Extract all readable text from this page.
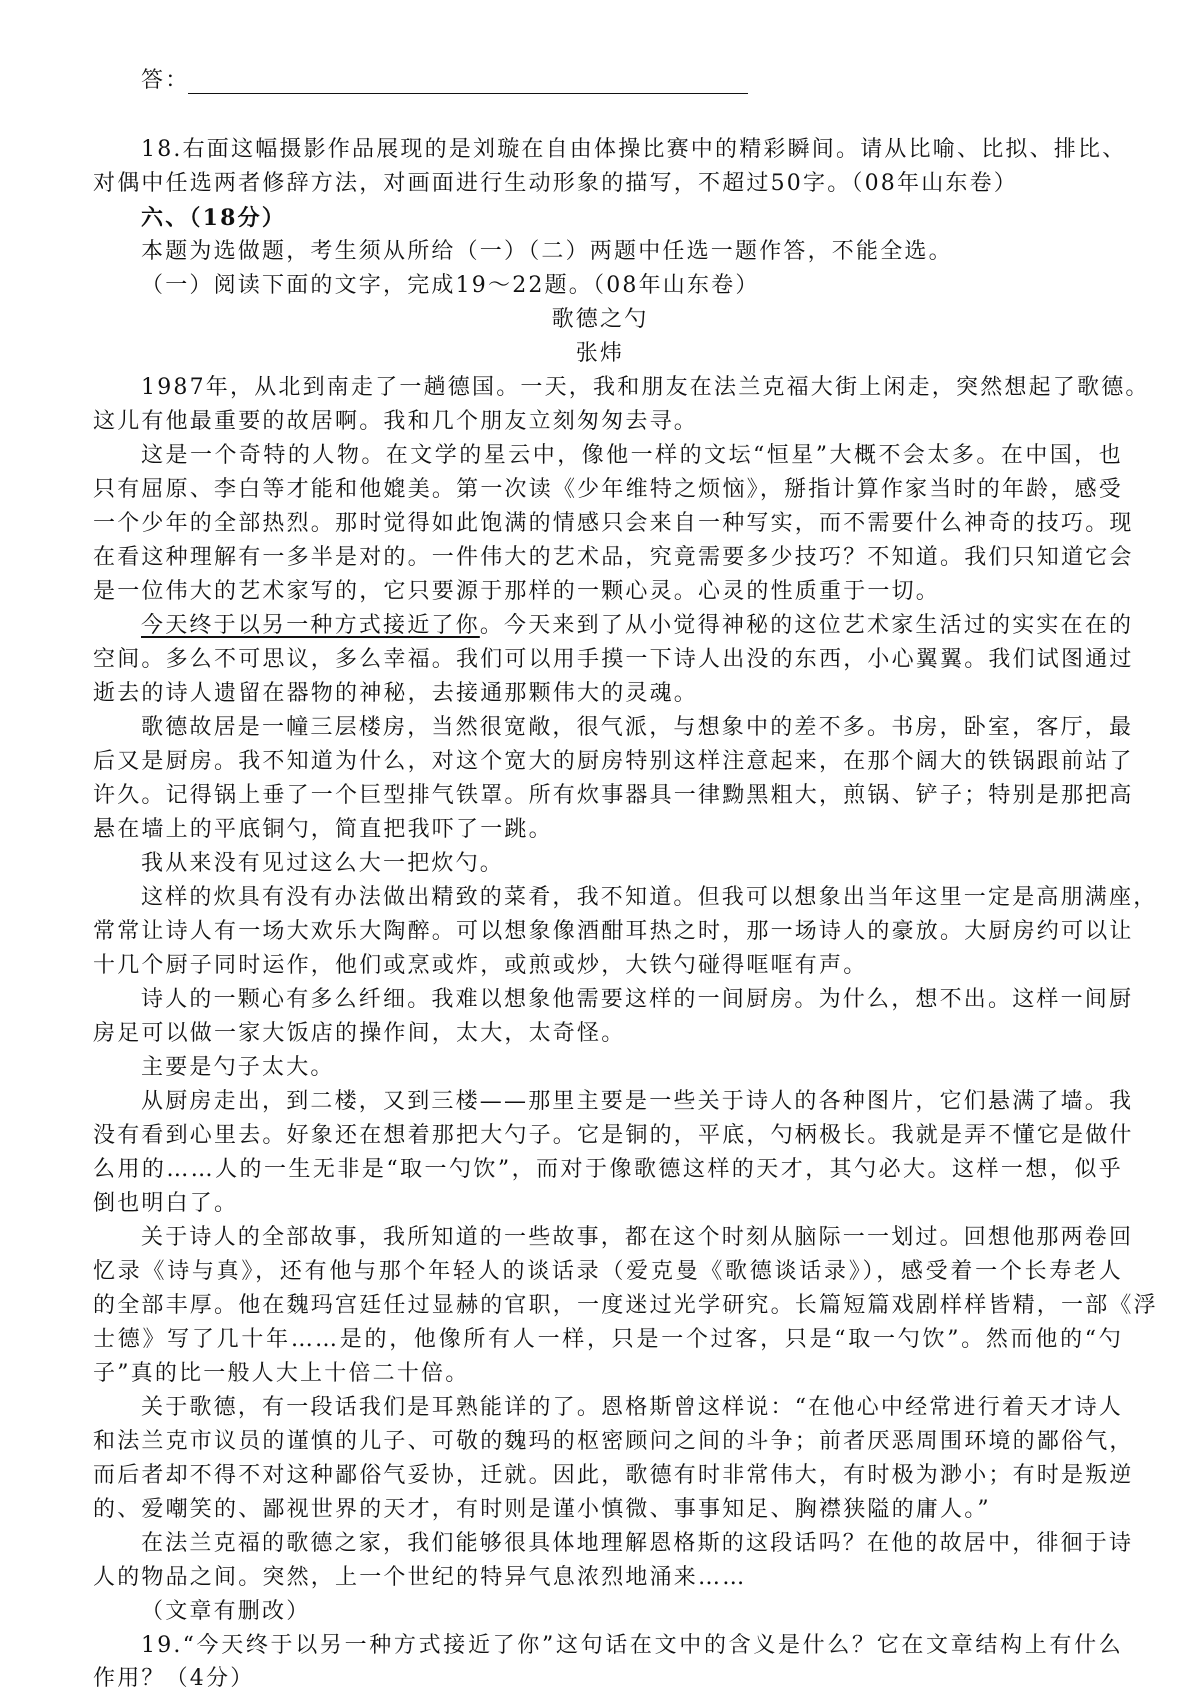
答：
18.右面这幅摄影作品展现的是刘璇在自由体操比赛中的精彩瞬间。请从比喻、比拟、排比、
对偶中任选两者修辞方法，对画面进行生动形象的描写，不超过50字。（08年山东卷）
六、（18分）
本题为选做题，考生须从所给（一）（二）两题中任选一题作答，不能全选。
（一）阅读下面的文字，完成19～22题。（08年山东卷）
歌德之勺
张炜
1987年，从北到南走了一趟德国。一天，我和朋友在法兰克福大街上闲走，突然想起了歌德。
这儿有他最重要的故居啊。我和几个朋友立刻匆匆去寻。
这是一个奇特的人物。在文学的星云中，像他一样的文坛“恒星”大概不会太多。在中国，也
只有屈原、李白等才能和他媲美。第一次读《少年维特之烦恼》，掰指计算作家当时的年龄，感受
一个少年的全部热烈。那时觉得如此饱满的情感只会来自一种写实，而不需要什么神奇的技巧。现
在看这种理解有一多半是对的。一件伟大的艺术品，究竟需要多少技巧？不知道。我们只知道它会
是一位伟大的艺术家写的，它只要源于那样的一颗心灵。心灵的性质重于一切。
今天终于以另一种方式接近了你 。今天来到了从小觉得神秘的这位艺术家生活过的实实在在的
空间。多么不可思议，多么幸福。我们可以用手摸一下诗人出没的东西，小心翼翼。我们试图通过
逝去的诗人遗留在器物的神秘，去接通那颗伟大的灵魂。
歌德故居是一幢三层楼房，当然很宽敞，很气派，与想象中的差不多。书房，卧室，客厅，最
后又是厨房。我不知道为什么，对这个宽大的厨房特别这样注意起来，在那个阔大的铁锅跟前站了
许久。记得锅上垂了一个巨型排气铁罩。所有炊事器具一律黝黑粗大，煎锅、铲子；特别是那把高
悬在墙上的平底铜勺，简直把我吓了一跳。
我从来没有见过这么大一把炊勺。
这样的炊具有没有办法做出精致的菜肴，我不知道。但我可以想象出当年这里一定是高朋满座，
常常让诗人有一场大欢乐大陶醉。可以想象像酒酣耳热之时，那一场诗人的豪放。大厨房约可以让
十几个厨子同时运作，他们或烹或炸，或煎或炒，大铁勺碰得哐哐有声。
诗人的一颗心有多么纤细。我难以想象他需要这样的一间厨房。为什么，想不出。这样一间厨
房足可以做一家大饭店的操作间，太大，太奇怪。
主要是勺子太大。
从厨房走出，到二楼，又到三楼——那里主要是一些关于诗人的各种图片，它们悬满了墙。我
没有看到心里去。好象还在想着那把大勺子。它是铜的，平底，勺柄极长。我就是弄不懂它是做什
么用的……人的一生无非是“取一勺饮”，而对于像歌德这样的天才，其勺必大。这样一想，似乎
倒也明白了。
关于诗人的全部故事，我所知道的一些故事，都在这个时刻从脑际一一划过。回想他那两卷回
忆录《诗与真》，还有他与那个年轻人的谈话录（爱克曼《歌德谈话录》），感受着一个长寿老人
的全部丰厚。他在魏玛宫廷任过显赫的官职，一度迷过光学研究。长篇短篇戏剧样样皆精，一部《浮
士德》写了几十年……是的，他像所有人一样，只是一个过客，只是“取一勺饮”。然而他的“勺
子”真的比一般人大上十倍二十倍。
关于歌德，有一段话我们是耳熟能详的了。恩格斯曾这样说：“在他心中经常进行着天才诗人
和法兰克市议员的谨慎的儿子、可敬的魏玛的枢密顾问之间的斗争；前者厌恶周围环境的鄙俗气，
而后者却不得不对这种鄙俗气妥协，迁就。因此，歌德有时非常伟大，有时极为渺小；有时是叛逆
的、爱嘲笑的、鄙视世界的天才，有时则是谨小慎微、事事知足、胸襟狭隘的庸人。”
在法兰克福的歌德之家，我们能够很具体地理解恩格斯的这段话吗？在他的故居中，徘徊于诗
人的物品之间。突然，上一个世纪的特异气息浓烈地涌来……
（文章有删改）
19.“今天终于以另一种方式接近了你”这句话在文中的含义是什么？它在文章结构上有什么
作用？（4分）
